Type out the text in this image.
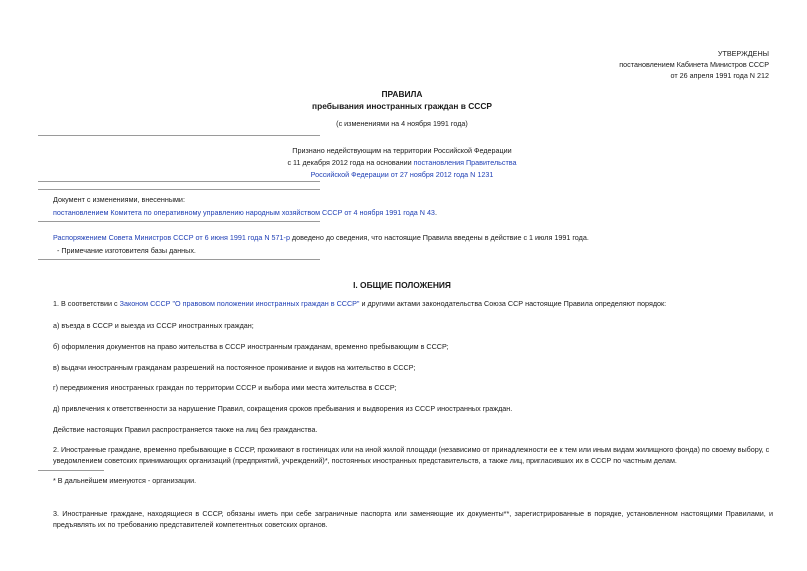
УТВЕРЖДЕНЫ
постановлением Кабинета Министров СССР
от 26 апреля 1991 года N 212
ПРАВИЛА
пребывания иностранных граждан в СССР
(с изменениями на 4 ноября 1991 года)
Признано недействующим на территории Российской Федерации
с 11 декабря 2012 года на основании постановления Правительства
Российской Федерации от 27 ноября 2012 года N 1231
Документ с изменениями, внесенными:
постановлением Комитета по оперативному управлению народным хозяйством СССР от 4 ноября 1991 года N 43.
Распоряжением Совета Министров СССР от 6 июня 1991 года N 571-р доведено до сведения, что настоящие Правила введены в действие с 1 июля 1991 года.
- Примечание изготовителя базы данных.
I. ОБЩИЕ ПОЛОЖЕНИЯ
1. В соответствии с Законом СССР "О правовом положении иностранных граждан в СССР" и другими актами законодательства Союза ССР настоящие Правила определяют порядок:
а) въезда в СССР и выезда из СССР иностранных граждан;
б) оформления документов на право жительства в СССР иностранным гражданам, временно пребывающим в СССР;
в) выдачи иностранным гражданам разрешений на постоянное проживание и видов на жительство в СССР;
г) передвижения иностранных граждан по территории СССР и выбора ими места жительства в СССР;
д) привлечения к ответственности за нарушение Правил, сокращения сроков пребывания и выдворения из СССР иностранных граждан.
Действие настоящих Правил распространяется также на лиц без гражданства.
2. Иностранные граждане, временно пребывающие в СССР, проживают в гостиницах или на иной жилой площади (независимо от принадлежности ее к тем или иным видам жилищного фонда) по своему выбору, с
уведомлением советских принимающих организаций (предприятий, учреждений)*, постоянных иностранных представительств, а также лиц, пригласивших их в СССР по частным делам.
* В дальнейшем именуются - организации.
3. Иностранные граждане, находящиеся в СССР, обязаны иметь при себе заграничные паспорта или заменяющие их документы**, зарегистрированные в порядке, установленном настоящими Правилами, и
предъявлять их по требованию представителей компетентных советских органов.
